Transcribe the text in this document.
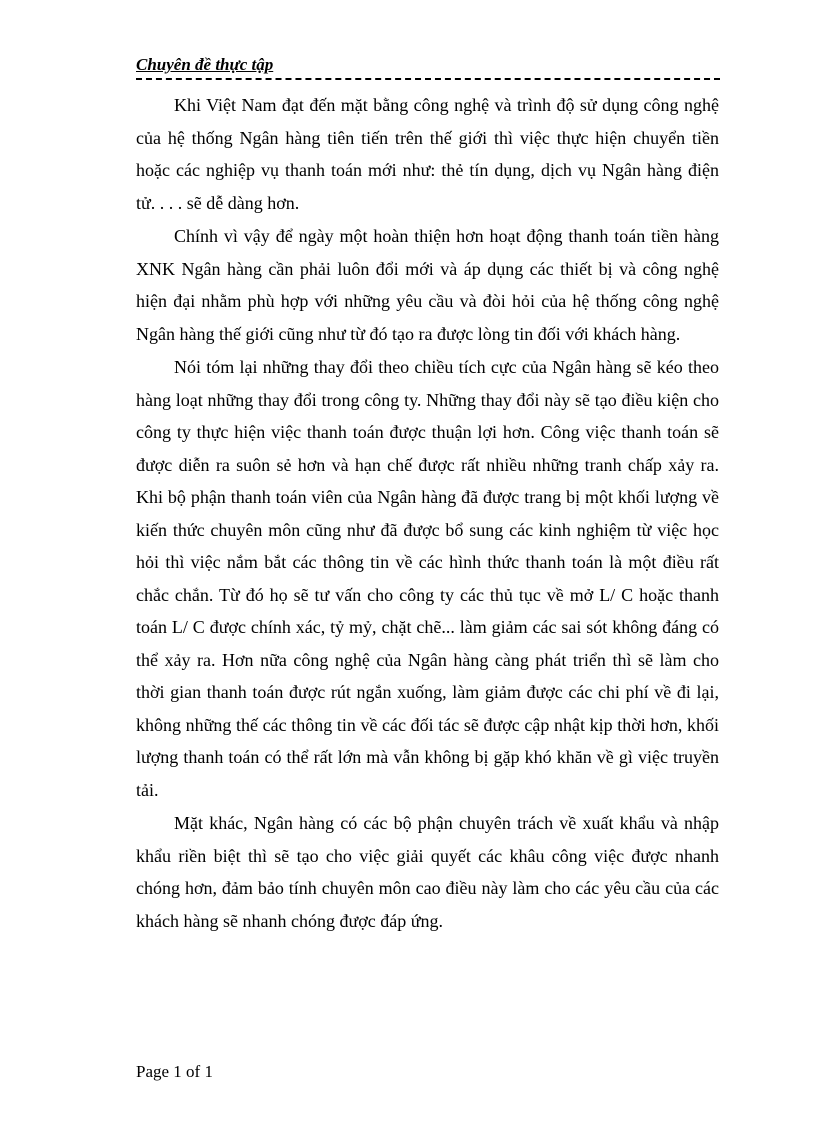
Chuyên đề thực tập

Khi Việt Nam đạt đến mặt bằng công nghệ và trình độ sử dụng công nghệ của hệ thống Ngân hàng tiên tiến trên thế giới thì việc thực hiện chuyển tiền hoặc các nghiệp vụ thanh toán mới như: thẻ tín dụng, dịch vụ Ngân hàng điện tử. . . . sẽ dễ dàng hơn.

Chính vì vậy để ngày một hoàn thiện hơn hoạt động thanh toán tiền hàng XNK Ngân hàng cần phải luôn đổi mới và áp dụng các thiết bị và công nghệ hiện đại nhằm phù hợp với những yêu cầu và đòi hỏi của hệ thống công nghệ Ngân hàng thế giới cũng như từ đó tạo ra được lòng tin đối với khách hàng.

Nói tóm lại những thay đổi theo chiều tích cực của Ngân hàng sẽ kéo theo hàng loạt những thay đổi trong công ty. Những thay đổi này sẽ tạo điều kiện cho công ty thực hiện việc thanh toán được thuận lợi hơn. Công việc thanh toán sẽ được diễn ra suôn sẻ hơn và hạn chế được rất nhiều những tranh chấp xảy ra. Khi bộ phận thanh toán viên của Ngân hàng đã được trang bị một khối lượng về kiến thức chuyên môn cũng như đã được bổ sung các kinh nghiệm từ việc học hỏi thì việc nắm bắt các thông tin về các hình thức thanh toán là một điều rất chắc chắn. Từ đó họ sẽ tư vấn cho công ty các thủ tục về mở L/ C hoặc thanh toán L/ C được chính xác, tỷ mỷ, chặt chẽ... làm giảm các sai sót không đáng có thể xảy ra. Hơn nữa công nghệ của Ngân hàng càng phát triển thì sẽ làm cho thời gian thanh toán được rút ngắn xuống, làm giảm được các chi phí về đi lại, không những thế các thông tin về các đối tác sẽ được cập nhật kịp thời hơn, khối lượng thanh toán có thể rất lớn mà vẫn không bị gặp khó khăn về gì việc truyền tải.

Mặt khác, Ngân hàng có các bộ phận chuyên trách về xuất khẩu và nhập khẩu riền biệt thì sẽ tạo cho việc giải quyết các khâu công việc được nhanh chóng hơn, đảm bảo tính chuyên môn cao điều này làm cho các yêu cầu của các khách hàng sẽ nhanh chóng được đáp ứng.

Page 1 of 1
